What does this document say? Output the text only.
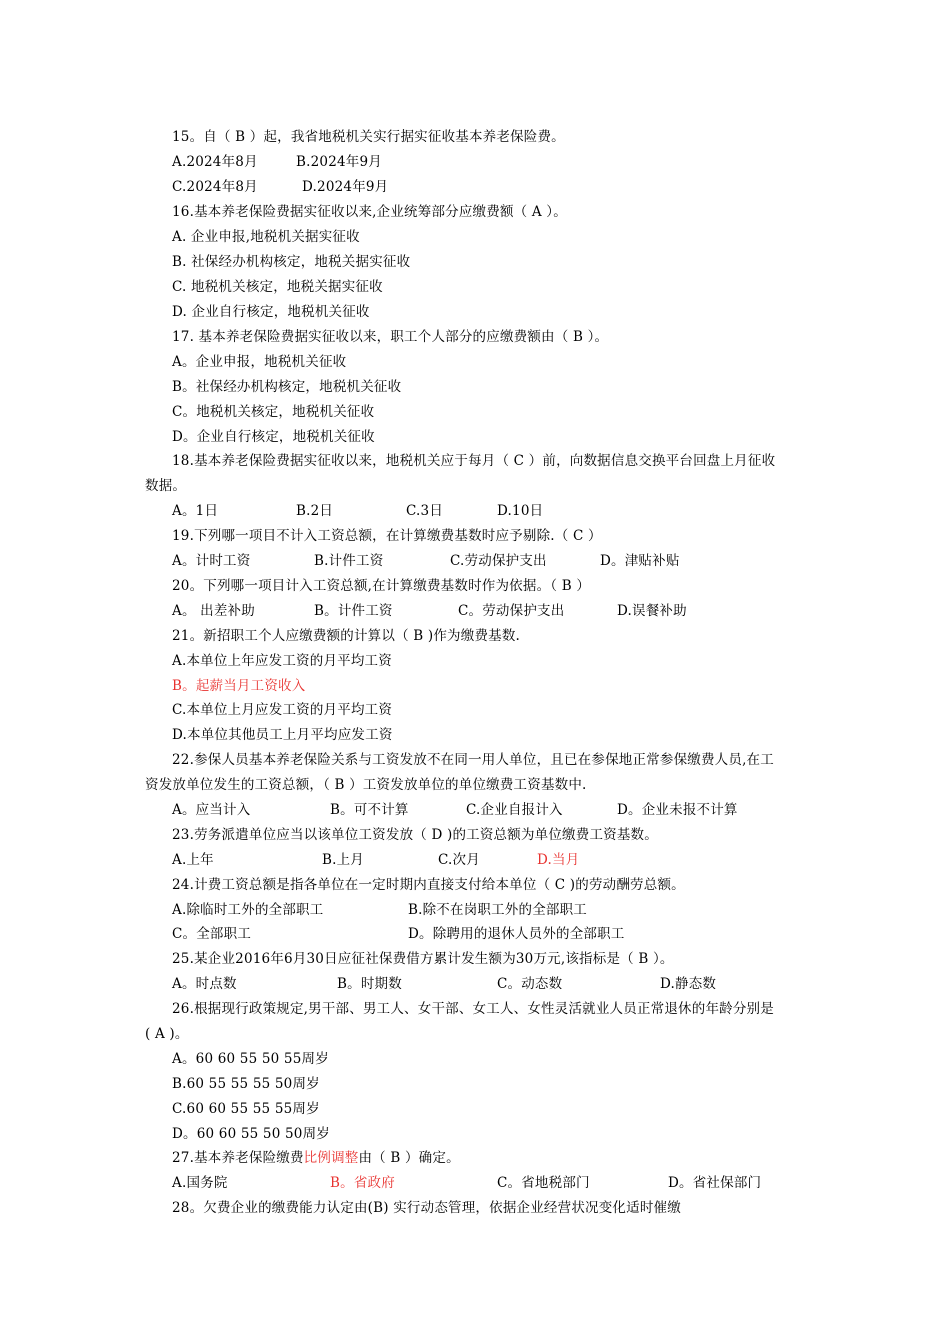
15。自（ B ）起，我省地税机关实行据实征收基本养老保险费。
A.2024年8月	B.2024年9月
C.2024年8月	D.2024年9月
16.基本养老保险费据实征收以来,企业统筹部分应缴费额（ A ）。
A. 企业申报,地税机关据实征收
B. 社保经办机构核定，地税关据实征收
C. 地税机关核定，地税关据实征收
D. 企业自行核定，地税机关征收
17. 基本养老保险费据实征收以来，职工个人部分的应缴费额由（ B ）。
A。企业申报，地税机关征收
B。社保经办机构核定，地税机关征收
C。地税机关核定，地税机关征收
D。企业自行核定，地税机关征收
18.基本养老保险费据实征收以来，地税机关应于每月（ C ）前，向数据信息交换平台回盘上月征收
数据。
A。1日	B.2日	C.3日	D.10日
19.下列哪一项目不计入工资总额，在计算缴费基数时应予剔除.（ C ）
A。计时工资	B.计件工资	C.劳动保护支出	D。津贴补贴
20。下列哪一项目计入工资总额,在计算缴费基数时作为依据。（ B ）
A。 出差补助	B。计件工资	C。劳动保护支出	D.误餐补助
21。新招职工个人应缴费额的计算以（ B )作为缴费基数.
A.本单位上年应发工资的月平均工资
B。起薪当月工资收入
C.本单位上月应发工资的月平均工资
D.本单位其他员工上月平均应发工资
22.参保人员基本养老保险关系与工资发放不在同一用人单位，且已在参保地正常参保缴费人员,在工
资发放单位发生的工资总额，（ B ）工资发放单位的单位缴费工资基数中.
A。应当计入	B。可不计算	C.企业自报计入	D。企业未报不计算
23.劳务派遣单位应当以该单位工资发放（ D )的工资总额为单位缴费工资基数。
A.上年	B.上月	C.次月	D.当月
24.计费工资总额是指各单位在一定时期内直接支付给本单位（ C )的劳动酬劳总额。
A.除临时工外的全部职工	B.除不在岗职工外的全部职工
C。全部职工	D。除聘用的退休人员外的全部职工
25.某企业2016年6月30日应征社保费借方累计发生额为30万元,该指标是（ B ）。
A。时点数	B。时期数	C。动态数	D.静态数
26.根据现行政策规定,男干部、男工人、女干部、女工人、女性灵活就业人员正常退休的年龄分别是
( A )。
A。60 60 55 50 55周岁
B.60 55 55 55 50周岁
C.60 60 55 55 55周岁
D。60 60 55 50 50周岁
27.基本养老保险缴费比例调整由（ B ）确定。
A.国务院	B。省政府	C。省地税部门	D。省社保部门
28。欠费企业的缴费能力认定由(B) 实行动态管理，依据企业经营状况变化适时催缴
